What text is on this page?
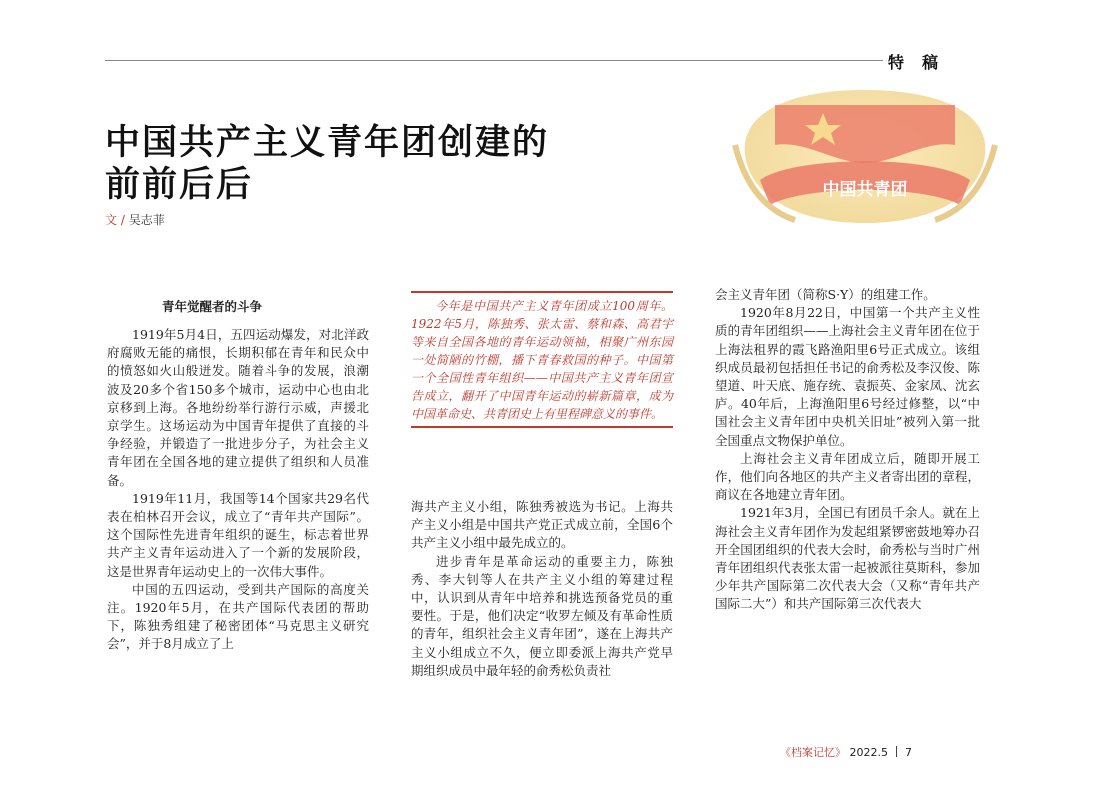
特稿
中国共青团
中国共产主义青年团创建的
前前后后
文 / 吴志菲
青年觉醒者的斗争

1919年5月4日，五四运动爆发，对北洋政府腐败无能的痛恨，长期积郁在青年和民众中的愤怒如火山般迸发。随着斗争的发展，浪潮波及20多个省150多个城市，运动中心也由北京移到上海。各地纷纷举行游行示威，声援北京学生。这场运动为中国青年提供了直接的斗争经验，并锻造了一批进步分子，为社会主义青年团在全国各地的建立提供了组织和人员准备。

1919年11月，我国等14个国家共29名代表在柏林召开会议，成立了“青年共产国际”。这个国际性先进青年组织的诞生，标志着世界共产主义青年运动进入了一个新的发展阶段，这是世界青年运动史上的一次伟大事件。

中国的五四运动，受到共产国际的高度关注。1920年5月，在共产国际代表团的帮助下，陈独秀组建了秘密团体“马克思主义研究会”，并于8月成立了上

今年是中国共产主义青年团成立100周年。1922年5月，陈独秀、张太雷、蔡和森、高君宇等来自全国各地的青年运动领袖，相聚广州东园一处简陋的竹棚，播下青春救国的种子。中国第一个全国性青年组织——中国共产主义青年团宣告成立，翻开了中国青年运动的崭新篇章，成为中国革命史、共青团史上有里程碑意义的事件。

海共产主义小组，陈独秀被选为书记。上海共产主义小组是中国共产党正式成立前，全国6个共产主义小组中最先成立的。

进步青年是革命运动的重要主力，陈独秀、李大钊等人在共产主义小组的筹建过程中，认识到从青年中培养和挑选预备党员的重要性。于是，他们决定“收罗左倾及有革命性质的青年，组织社会主义青年团”，遂在上海共产主义小组成立不久，便立即委派上海共产党早期组织成员中最年轻的俞秀松负责社

会主义青年团（简称S·Y）的组建工作。

1920年8月22日，中国第一个共产主义性质的青年团组织——上海社会主义青年团在位于上海法租界的霞飞路渔阳里6号正式成立。该组织成员最初包括担任书记的俞秀松及李汉俊、陈望道、叶天底、施存统、袁振英、金家凤、沈玄庐。40年后，上海渔阳里6号经过修整，以“中国社会主义青年团中央机关旧址”被列入第一批全国重点文物保护单位。

上海社会主义青年团成立后，随即开展工作，他们向各地区的共产主义者寄出团的章程，商议在各地建立青年团。

1921年3月，全国已有团员千余人。就在上海社会主义青年团作为发起组紧锣密鼓地筹办召开全国团组织的代表大会时，俞秀松与当时广州青年团组织代表张太雷一起被派往莫斯科，参加少年共产国际第二次代表大会（又称“青年共产国际二大”）和共产国际第三次代表大

《档案记忆》 2022.5 7
